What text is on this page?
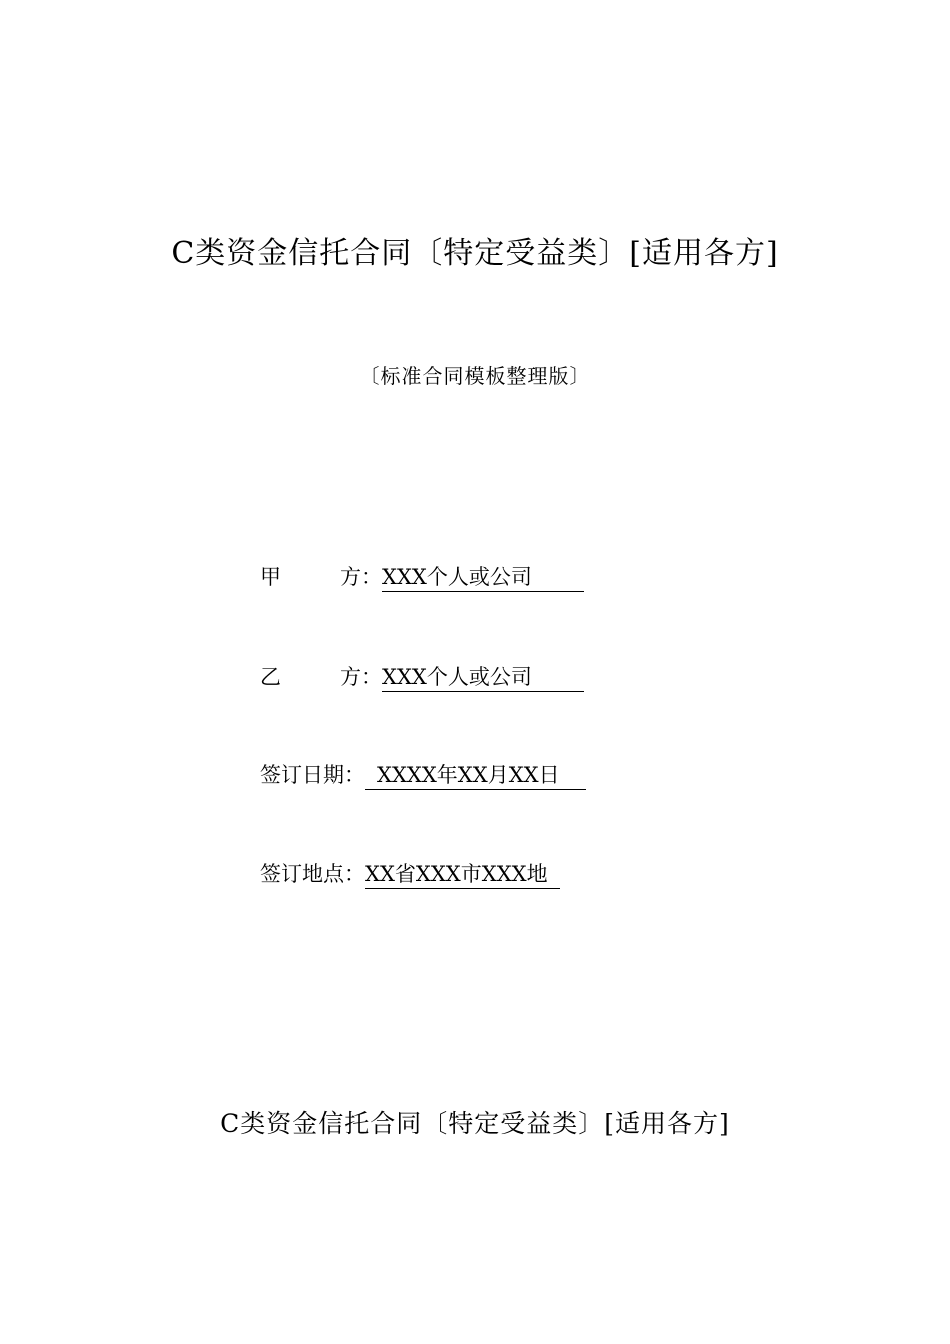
C类资金信托合同〔特定受益类〕[适用各方]
〔标准合同模板整理版〕
甲	方： XXX个人或公司
乙	方： XXX个人或公司
签订日期： XXXX年XX月XX日
签订地点： XX省XXX市XXX地
C类资金信托合同〔特定受益类〕[适用各方]
